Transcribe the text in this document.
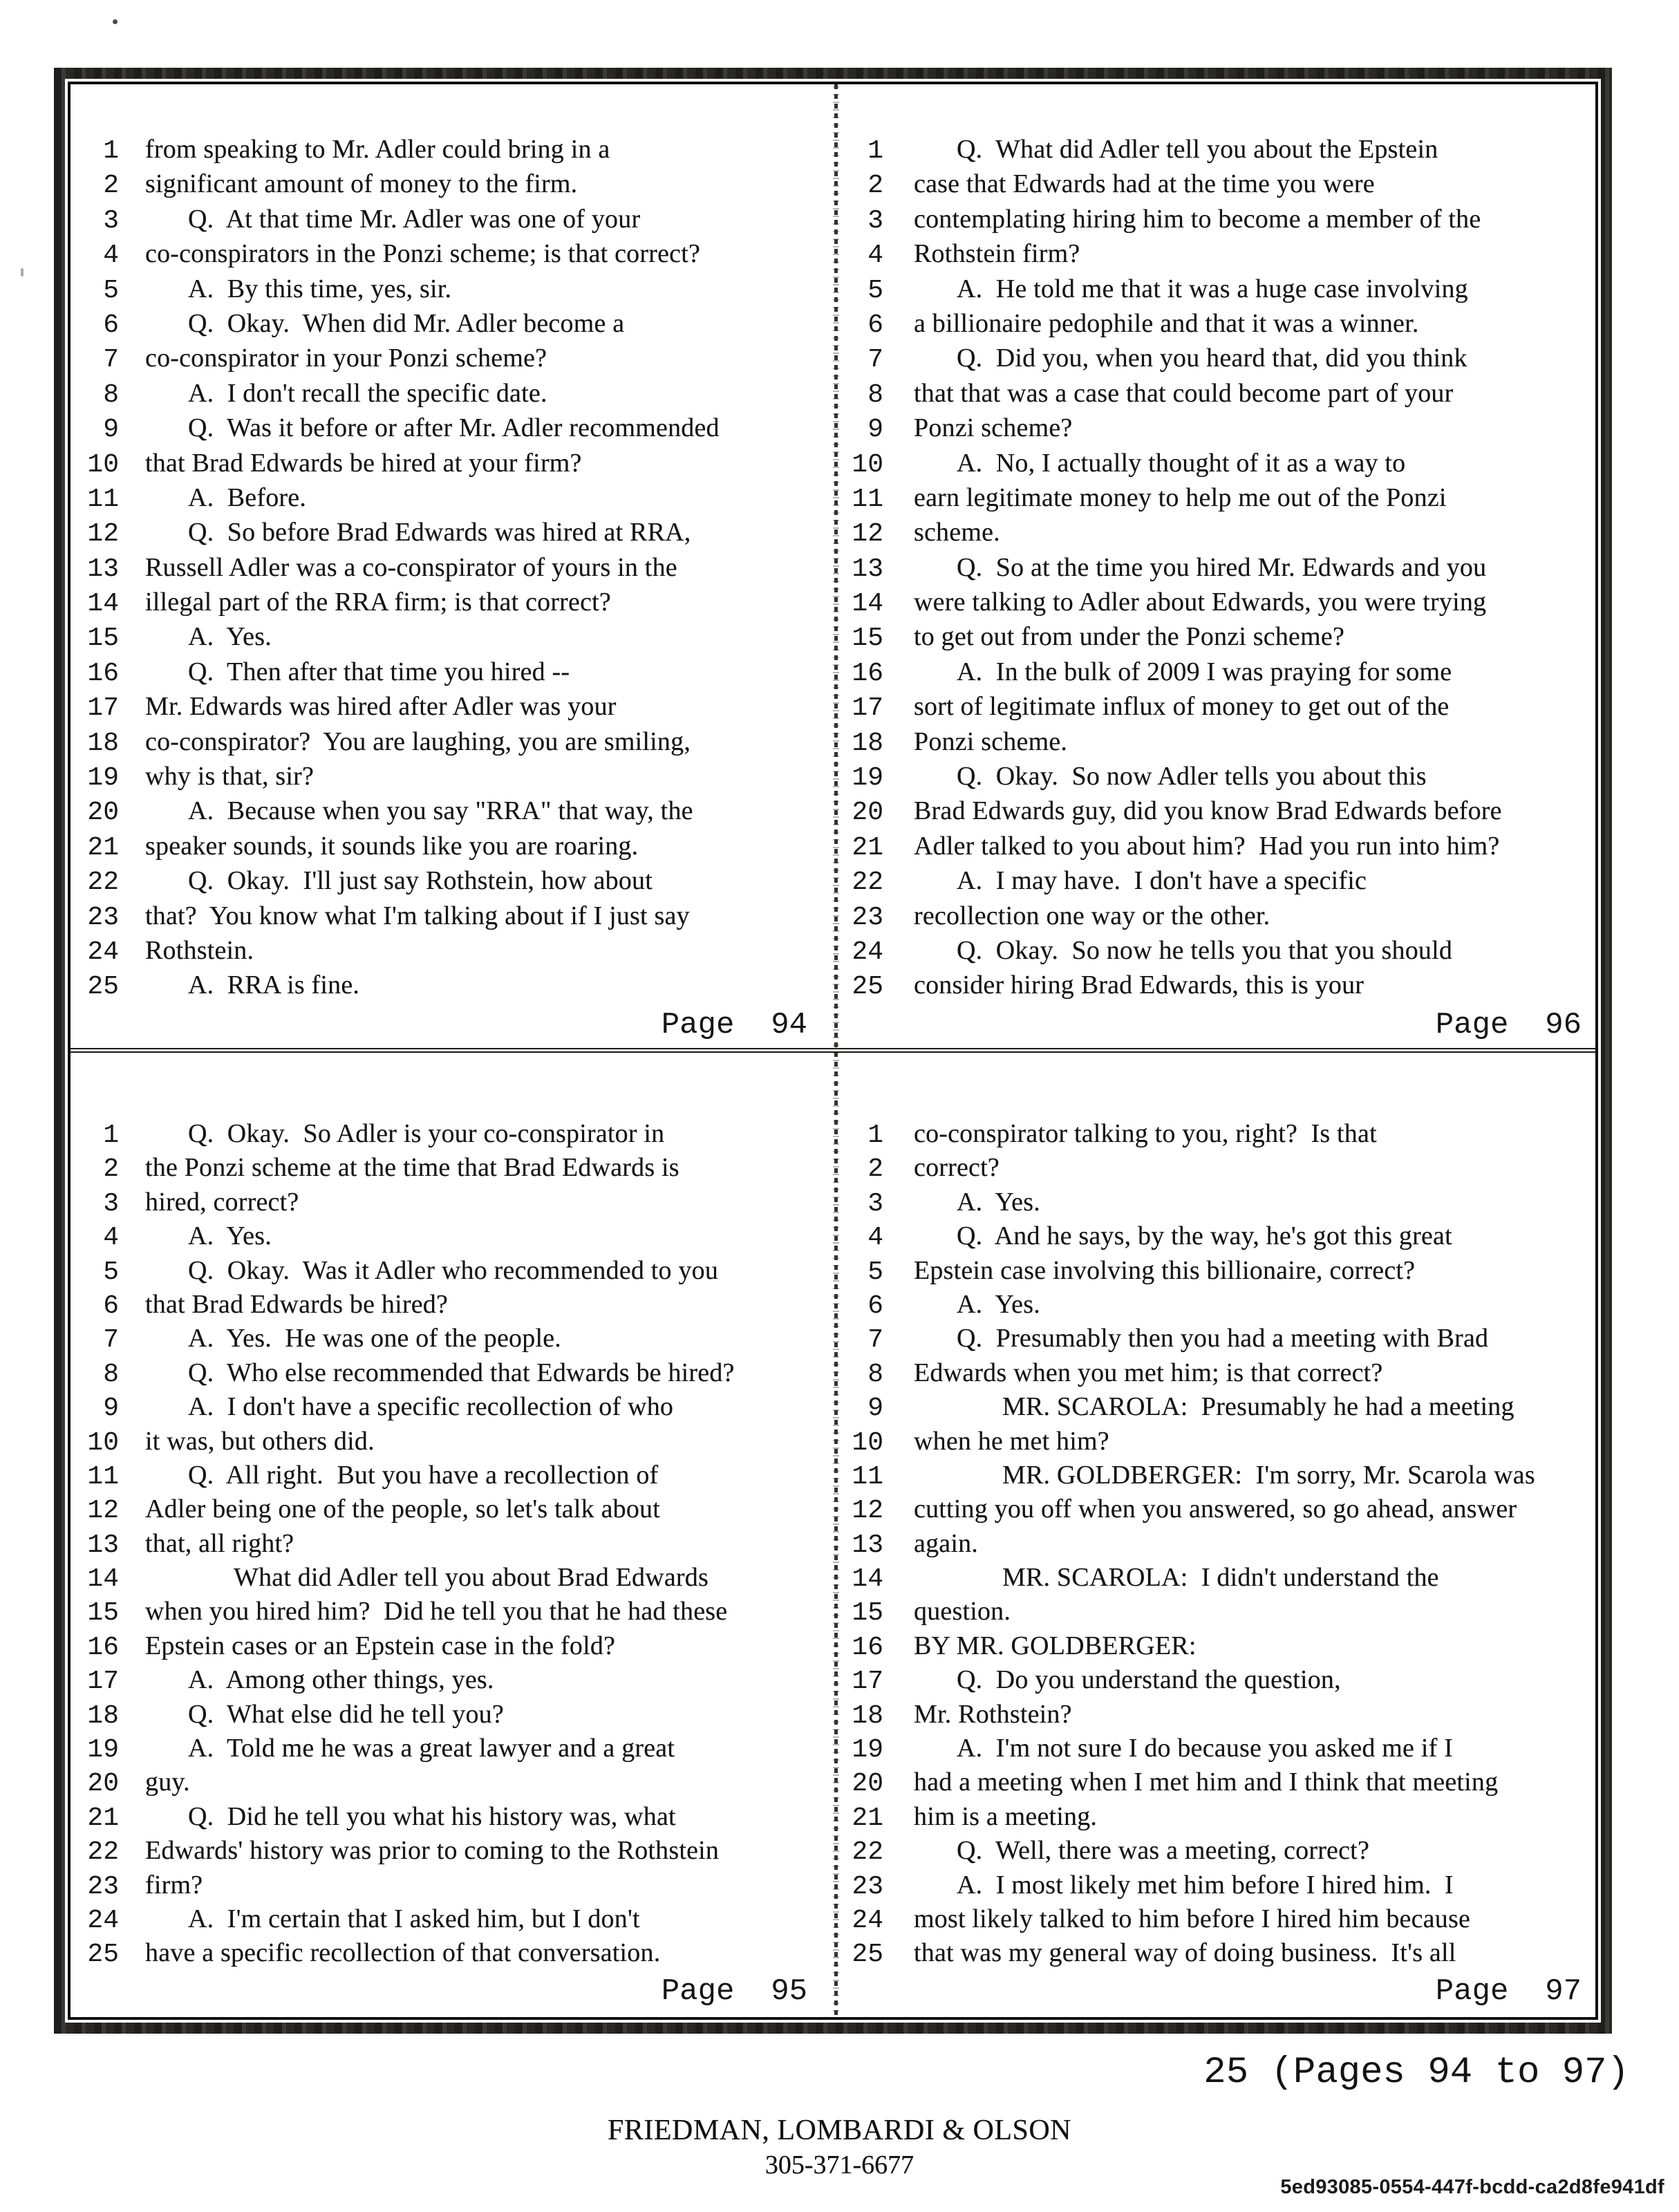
1 from speaking to Mr. Adler could bring in a
2 significant amount of money to the firm.
3	Q.  At that time Mr. Adler was one of your
4 co-conspirators in the Ponzi scheme; is that correct?
5	A.  By this time, yes, sir.
6	Q.  Okay.  When did Mr. Adler become a
7 co-conspirator in your Ponzi scheme?
8	A.  I don't recall the specific date.
9	Q.  Was it before or after Mr. Adler recommended
10 that Brad Edwards be hired at your firm?
11	A.  Before.
12	Q.  So before Brad Edwards was hired at RRA,
13 Russell Adler was a co-conspirator of yours in the
14 illegal part of the RRA firm; is that correct?
15	A.  Yes.
16	Q.  Then after that time you hired --
17 Mr. Edwards was hired after Adler was your
18 co-conspirator?  You are laughing, you are smiling,
19 why is that, sir?
20	A.  Because when you say "RRA" that way, the
21 speaker sounds, it sounds like you are roaring.
22	Q.  Okay.  I'll just say Rothstein, how about
23 that?  You know what I'm talking about if I just say
24 Rothstein.
25	A.  RRA is fine.
Page  94
1	Q.  What did Adler tell you about the Epstein
2 case that Edwards had at the time you were
3 contemplating hiring him to become a member of the
4 Rothstein firm?
5	A.  He told me that it was a huge case involving
6 a billionaire pedophile and that it was a winner.
7	Q.  Did you, when you heard that, did you think
8 that that was a case that could become part of your
9 Ponzi scheme?
10	A.  No, I actually thought of it as a way to
11 earn legitimate money to help me out of the Ponzi
12 scheme.
13	Q.  So at the time you hired Mr. Edwards and you
14 were talking to Adler about Edwards, you were trying
15 to get out from under the Ponzi scheme?
16	A.  In the bulk of 2009 I was praying for some
17 sort of legitimate influx of money to get out of the
18 Ponzi scheme.
19	Q.  Okay.  So now Adler tells you about this
20 Brad Edwards guy, did you know Brad Edwards before
21 Adler talked to you about him?  Had you run into him?
22	A.  I may have.  I don't have a specific
23 recollection one way or the other.
24	Q.  Okay.  So now he tells you that you should
25 consider hiring Brad Edwards, this is your
Page  96
1	Q.  Okay.  So Adler is your co-conspirator in
2 the Ponzi scheme at the time that Brad Edwards is
3 hired, correct?
4	A.  Yes.
5	Q.  Okay.  Was it Adler who recommended to you
6 that Brad Edwards be hired?
7	A.  Yes.  He was one of the people.
8	Q.  Who else recommended that Edwards be hired?
9	A.  I don't have a specific recollection of who
10 it was, but others did.
11	Q.  All right.  But you have a recollection of
12 Adler being one of the people, so let's talk about
13 that, all right?
14	What did Adler tell you about Brad Edwards
15 when you hired him?  Did he tell you that he had these
16 Epstein cases or an Epstein case in the fold?
17	A.  Among other things, yes.
18	Q.  What else did he tell you?
19	A.  Told me he was a great lawyer and a great
20 guy.
21	Q.  Did he tell you what his history was, what
22 Edwards' history was prior to coming to the Rothstein
23 firm?
24	A.  I'm certain that I asked him, but I don't
25 have a specific recollection of that conversation.
Page  95
1 co-conspirator talking to you, right?  Is that
2 correct?
3	A.  Yes.
4	Q.  And he says, by the way, he's got this great
5 Epstein case involving this billionaire, correct?
6	A.  Yes.
7	Q.  Presumably then you had a meeting with Brad
8 Edwards when you met him; is that correct?
9	MR. SCAROLA:  Presumably he had a meeting
10 when he met him?
11	MR. GOLDBERGER:  I'm sorry, Mr. Scarola was
12 cutting you off when you answered, so go ahead, answer
13 again.
14	MR. SCAROLA:  I didn't understand the
15 question.
16 BY MR. GOLDBERGER:
17	Q.  Do you understand the question,
18 Mr. Rothstein?
19	A.  I'm not sure I do because you asked me if I
20 had a meeting when I met him and I think that meeting
21 him is a meeting.
22	Q.  Well, there was a meeting, correct?
23	A.  I most likely met him before I hired him.  I
24 most likely talked to him before I hired him because
25 that was my general way of doing business.  It's all
Page  97
25 (Pages 94 to 97)
FRIEDMAN, LOMBARDI & OLSON
305-371-6677
5ed93085-0554-447f-bcdd-ca2d8fe941df
